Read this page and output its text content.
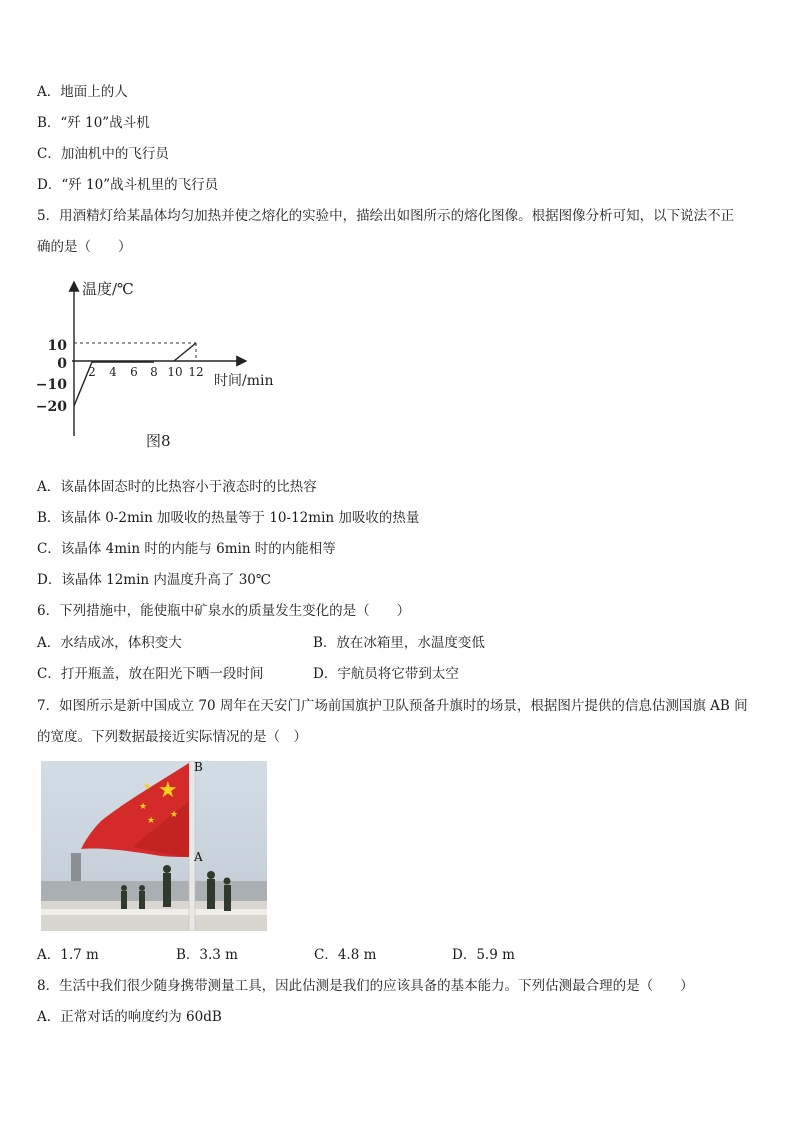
A．地面上的人
B．“歼 10”战斗机
C．加油机中的飞行员
D．“歼 10”战斗机里的飞行员
5．用酒精灯给某晶体均匀加热并使之熔化的实验中，描绘出如图所示的熔化图像。根据图像分析可知，以下说法不正
确的是（　　）
温度/℃
时间/min
10
0
−10
−20
2 4 6 8 10 12
图8
A．该晶体固态时的比热容小于液态时的比热容
B．该晶体 0-2min 加吸收的热量等于 10-12min 加吸收的热量
C．该晶体 4min 时的内能与 6min 时的内能相等
D．该晶体 12min 内温度升高了 30℃
6．下列措施中，能使瓶中矿泉水的质量发生变化的是（　　）
A．水结成冰，体积变大	B．放在冰箱里，水温度变低
C．打开瓶盖，放在阳光下晒一段时间	D．宇航员将它带到太空
7．如图所示是新中国成立 70 周年在天安门广场前国旗护卫队预备升旗时的场景，根据图片提供的信息估测国旗 AB 间
的宽度。下列数据最接近实际情况的是（　）
★
★
★
★
★
B
A
A．1.7 m	B．3.3 m	C．4.8 m	D．5.9 m
8．生活中我们很少随身携带测量工具，因此估测是我们的应该具备的基本能力。下列估测最合理的是（　　）
A．正常对话的响度约为 60dB
